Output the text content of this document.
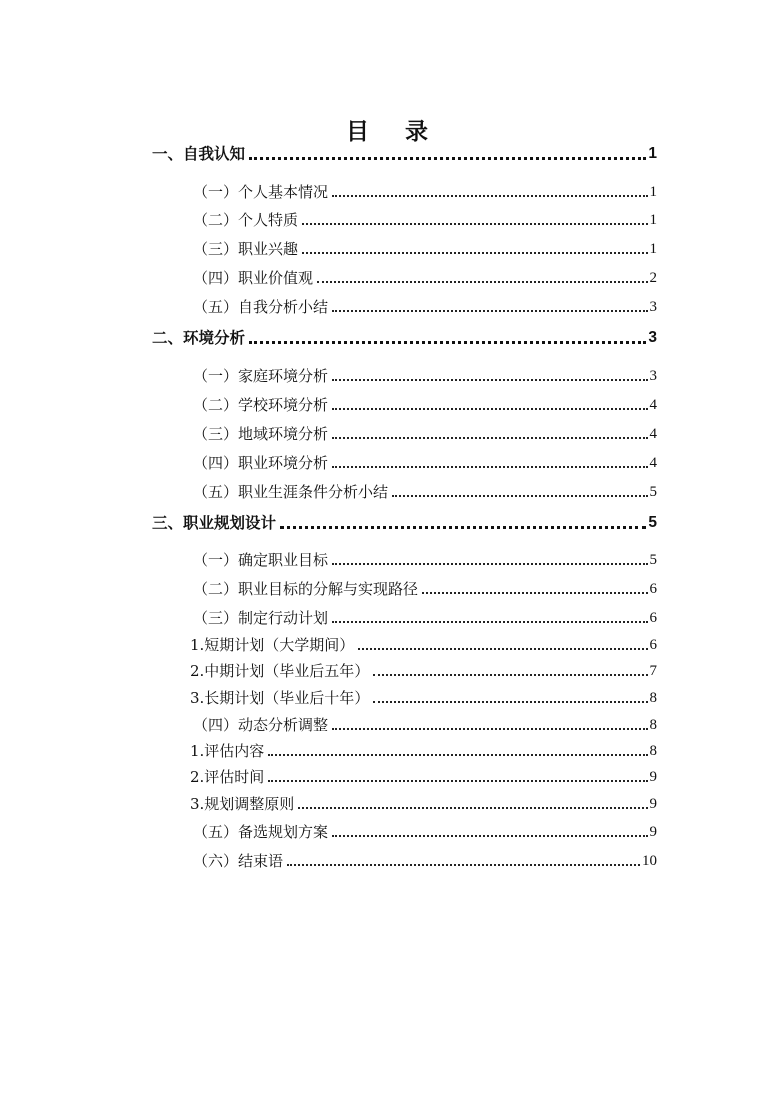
目 录
一、自我认知	1
（一）个人基本情况	1
（二）个人特质	1
（三）职业兴趣	1
（四）职业价值观	2
（五）自我分析小结	3
二、环境分析	3
（一）家庭环境分析	3
（二）学校环境分析	4
（三）地域环境分析	4
（四）职业环境分析	4
（五）职业生涯条件分析小结	5
三、职业规划设计	5
（一）确定职业目标	5
（二）职业目标的分解与实现路径	6
（三）制定行动计划	6
1.短期计划（大学期间）	6
2.中期计划（毕业后五年）	7
3.长期计划（毕业后十年）	8
（四）动态分析调整	8
1.评估内容	8
2.评估时间	9
3.规划调整原则	9
（五）备选规划方案	9
（六）结束语	10
